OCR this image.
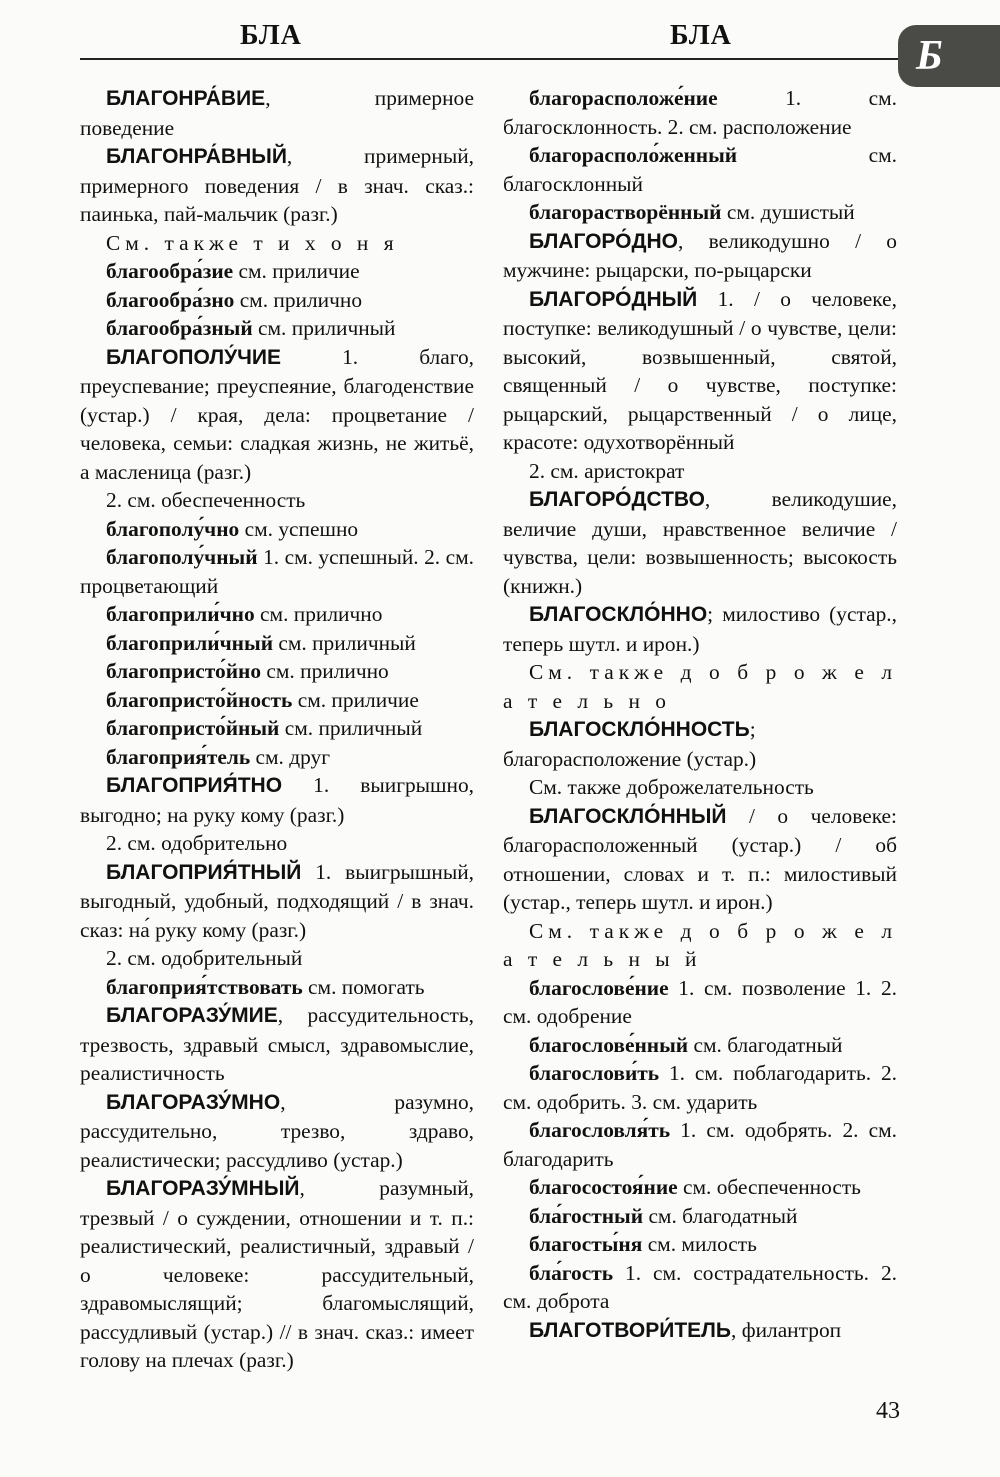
БЛА	БЛА	Б

БЛАГОНРА́ВИЕ, примерное поведение

БЛАГОНРА́ВНЫЙ, примерный, примерного поведения / в знач. сказ.: паинька, пай-мальчик (разг.)

См. также т и х о н я

благообра́зие см. приличие

благообра́зно см. прилично

благообра́зный см. приличный

БЛАГОПОЛУ́ЧИЕ 1. благо, преуспевание; преуспеяние, благоденствие (устар.) / края, дела: процветание / человека, семьи: сладкая жизнь, не житьё, а масленица (разг.)

2. см. обеспеченность

благополу́чно см. успешно

благополу́чный 1. см. успешный. 2. см. процветающий

благоприли́чно см. прилично

благоприли́чный см. приличный

благопристо́йно см. прилично

благопристо́йность см. приличие

благопристо́йный см. приличный

благоприя́тель см. друг

БЛАГОПРИЯ́ТНО 1. выигрышно, выгодно; на руку кому (разг.)

2. см. одобрительно

БЛАГОПРИЯ́ТНЫЙ 1. выигрышный, выгодный, удобный, подходящий / в знач. сказ: на́ руку кому (разг.)

2. см. одобрительный

благоприя́тствовать см. помогать

БЛАГОРАЗУ́МИЕ, рассудительность, трезвость, здравый смысл, здравомыслие, реалистичность

БЛАГОРАЗУ́МНО, разумно, рассудительно, трезво, здраво, реалистически; рассудливо (устар.)

БЛАГОРАЗУ́МНЫЙ, разумный, трезвый / о суждении, отношении и т. п.: реалистический, реалистичный, здравый / о человеке: рассудительный, здравомыслящий; благомыслящий, рассудливый (устар.) // в знач. сказ.: имеет голову на плечах (разг.)

благорасположе́ние 1. см. благосклонность. 2. см. расположение

благорасполо́женный см. благосклонный

благорастворённый см. душистый

БЛАГОРО́ДНО, великодушно / о мужчине: рыцарски, по-рыцарски

БЛАГОРО́ДНЫЙ 1. / о человеке, поступке: великодушный / о чувстве, цели: высокий, возвышенный, святой, священный / о чувстве, поступке: рыцарский, рыцарственный / о лице, красоте: одухотворённый

2. см. аристократ

БЛАГОРО́ДСТВО, великодушие, величие души, нравственное величие / чувства, цели: возвышенность; высокость (книжн.)

БЛАГОСКЛО́ННО; милостиво (устар., теперь шутл. и ирон.)

См. также д о б р о ж е л а т е л ь н о

БЛАГОСКЛО́ННОСТЬ; благорасположение (устар.)

См. также доброжелательность

БЛАГОСКЛО́ННЫЙ / о человеке: благорасположенный (устар.) / об отношении, словах и т. п.: милостивый (устар., теперь шутл. и ирон.)

См. также д о б р о ж е л а т е л ь н ы й

благослове́ние 1. см. позволение 1. 2. см. одобрение

благослове́нный см. благодатный

благослови́ть 1. см. поблагодарить. 2. см. одобрить. 3. см. ударить

благословля́ть 1. см. одобрять. 2. см. благодарить

благосостоя́ние см. обеспеченность

бла́гостный см. благодатный

благосты́ня см. милость

бла́гость 1. см. сострадательность. 2. см. доброта

БЛАГОТВОРИ́ТЕЛЬ, филантроп

43
